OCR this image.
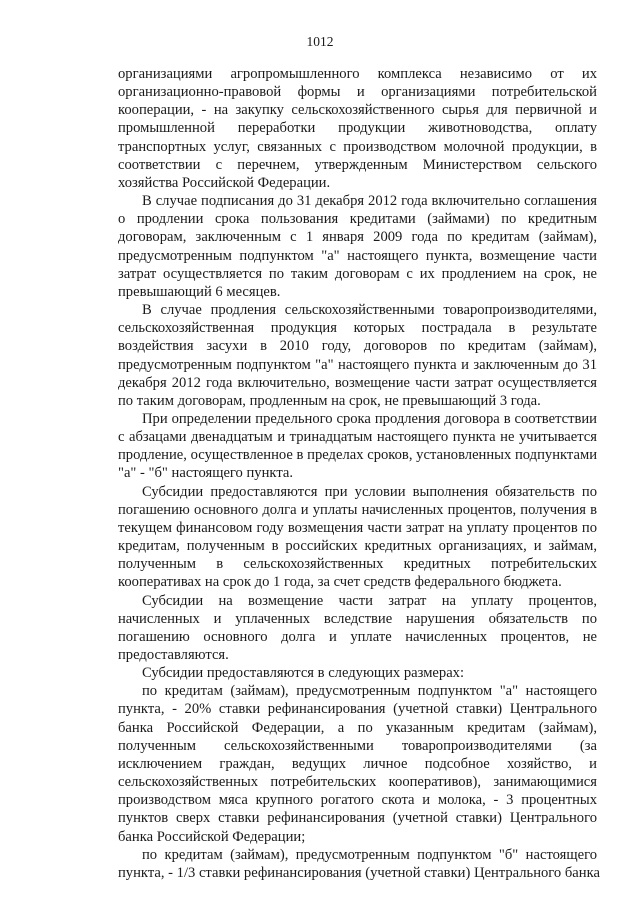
1012
организациями агропромышленного комплекса независимо от их
организационно-правовой формы и организациями потребительской
кооперации, - на закупку сельскохозяйственного сырья для первичной и
промышленной переработки продукции животноводства, оплату
транспортных услуг, связанных с производством молочной продукции, в
соответствии с перечнем, утвержденным Министерством сельского
хозяйства Российской Федерации.
В случае подписания до 31 декабря 2012 года включительно соглашения
о продлении срока пользования кредитами (займами) по кредитным
договорам, заключенным с 1 января 2009 года по кредитам (займам),
предусмотренным подпунктом "а" настоящего пункта, возмещение части
затрат осуществляется по таким договорам с их продлением на срок, не
превышающий 6 месяцев.
В случае продления сельскохозяйственными товаропроизводителями,
сельскохозяйственная продукция которых пострадала в результате
воздействия засухи в 2010 году, договоров по кредитам (займам),
предусмотренным подпунктом "а" настоящего пункта и заключенным до 31
декабря 2012 года включительно, возмещение части затрат осуществляется
по таким договорам, продленным на срок, не превышающий 3 года.
При определении предельного срока продления договора в соответствии
с абзацами двенадцатым и тринадцатым настоящего пункта не учитывается
продление, осуществленное в пределах сроков, установленных подпунктами
"а" - "б" настоящего пункта.
Субсидии предоставляются при условии выполнения обязательств по
погашению основного долга и уплаты начисленных процентов, получения в
текущем финансовом году возмещения части затрат на уплату процентов по
кредитам, полученным в российских кредитных организациях, и займам,
полученным в сельскохозяйственных кредитных потребительских
кооперативах на срок до 1 года, за счет средств федерального бюджета.
Субсидии на возмещение части затрат на уплату процентов,
начисленных и уплаченных вследствие нарушения обязательств по
погашению основного долга и уплате начисленных процентов, не
предоставляются.
Субсидии предоставляются в следующих размерах:
по кредитам (займам), предусмотренным подпунктом "а" настоящего
пункта, - 20% ставки рефинансирования (учетной ставки) Центрального
банка Российской Федерации, а по указанным кредитам (займам),
полученным сельскохозяйственными товаропроизводителями (за
исключением граждан, ведущих личное подсобное хозяйство, и
сельскохозяйственных потребительских кооперативов), занимающимися
производством мяса крупного рогатого скота и молока, - 3 процентных
пунктов сверх ставки рефинансирования (учетной ставки) Центрального
банка Российской Федерации;
по кредитам (займам), предусмотренным подпунктом "б" настоящего
пункта, - 1/3 ставки рефинансирования (учетной ставки) Центрального банка
